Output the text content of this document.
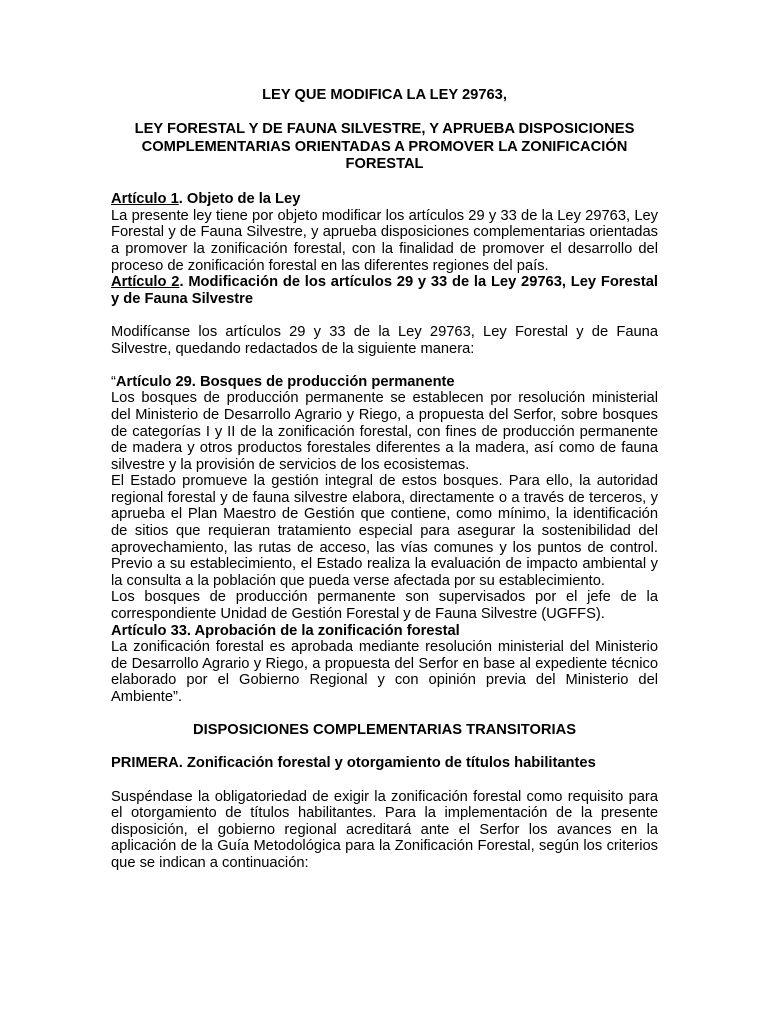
LEY QUE MODIFICA LA LEY 29763,

LEY FORESTAL Y DE FAUNA SILVESTRE, Y APRUEBA DISPOSICIONES COMPLEMENTARIAS ORIENTADAS A PROMOVER LA ZONIFICACIÓN FORESTAL

Artículo 1. Objeto de la Ley

La presente ley tiene por objeto modificar los artículos 29 y 33 de la Ley 29763, Ley Forestal y de Fauna Silvestre, y aprueba disposiciones complementarias orientadas a promover la zonificación forestal, con la finalidad de promover el desarrollo del proceso de zonificación forestal en las diferentes regiones del país.

Artículo 2. Modificación de los artículos 29 y 33 de la Ley 29763, Ley Forestal y de Fauna Silvestre

Modifícanse los artículos 29 y 33 de la Ley 29763, Ley Forestal y de Fauna Silvestre, quedando redactados de la siguiente manera:

“Artículo 29. Bosques de producción permanente

Los bosques de producción permanente se establecen por resolución ministerial del Ministerio de Desarrollo Agrario y Riego, a propuesta del Serfor, sobre bosques de categorías I y II de la zonificación forestal, con fines de producción permanente de madera y otros productos forestales diferentes a la madera, así como de fauna silvestre y la provisión de servicios de los ecosistemas.

El Estado promueve la gestión integral de estos bosques. Para ello, la autoridad regional forestal y de fauna silvestre elabora, directamente o a través de terceros, y aprueba el Plan Maestro de Gestión que contiene, como mínimo, la identificación de sitios que requieran tratamiento especial para asegurar la sostenibilidad del aprovechamiento, las rutas de acceso, las vías comunes y los puntos de control. Previo a su establecimiento, el Estado realiza la evaluación de impacto ambiental y la consulta a la población que pueda verse afectada por su establecimiento.

Los bosques de producción permanente son supervisados por el jefe de la correspondiente Unidad de Gestión Forestal y de Fauna Silvestre (UGFFS).

Artículo 33. Aprobación de la zonificación forestal

La zonificación forestal es aprobada mediante resolución ministerial del Ministerio de Desarrollo Agrario y Riego, a propuesta del Serfor en base al expediente técnico elaborado por el Gobierno Regional y con opinión previa del Ministerio del Ambiente”.

DISPOSICIONES COMPLEMENTARIAS TRANSITORIAS

PRIMERA. Zonificación forestal y otorgamiento de títulos habilitantes

Suspéndase la obligatoriedad de exigir la zonificación forestal como requisito para el otorgamiento de títulos habilitantes. Para la implementación de la presente disposición, el gobierno regional acreditará ante el Serfor los avances en la aplicación de la Guía Metodológica para la Zonificación Forestal, según los criterios que se indican a continuación:
